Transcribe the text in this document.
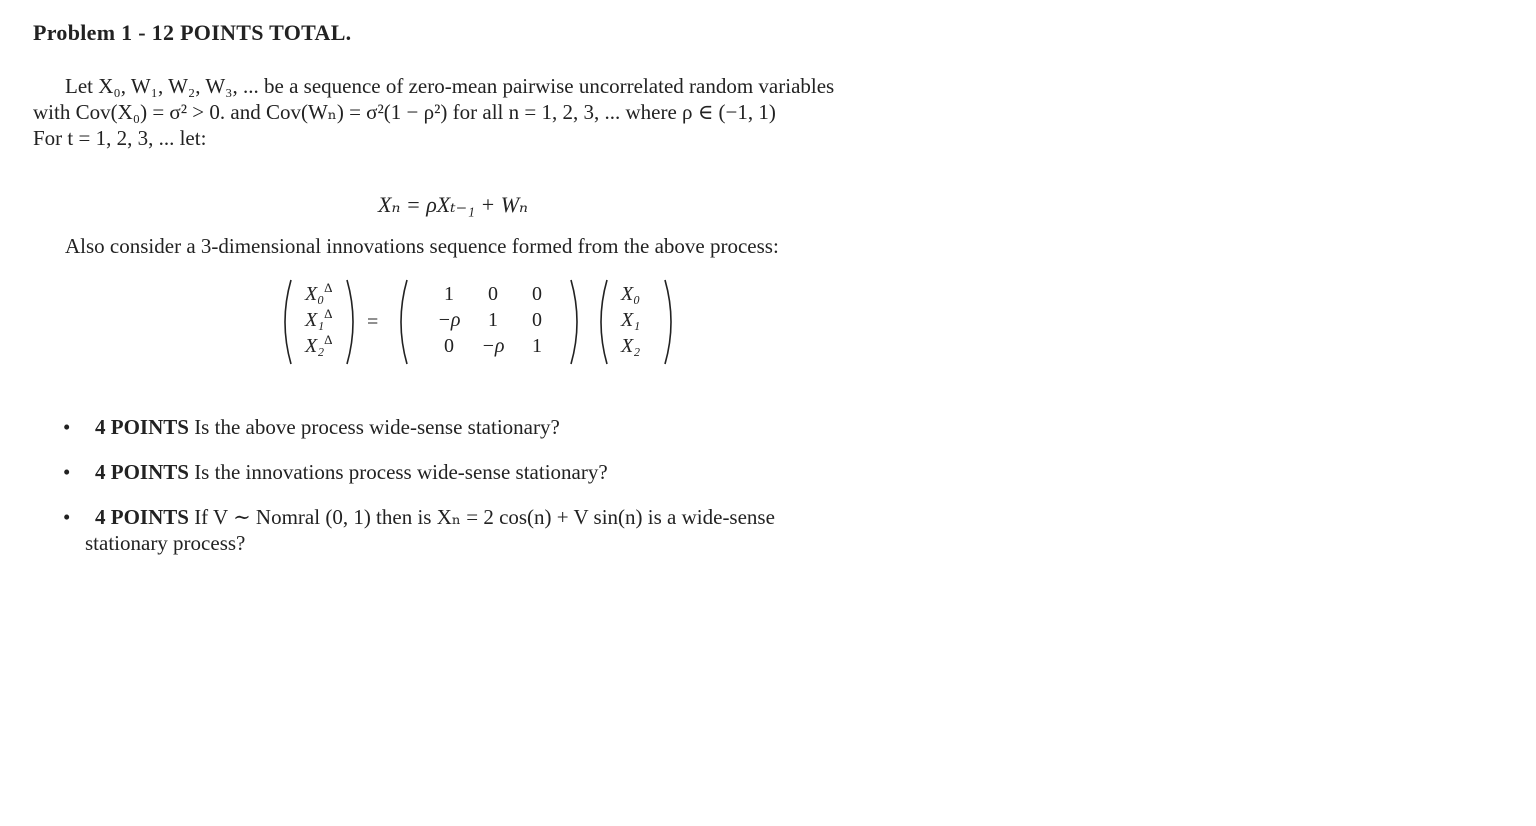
Problem 1 - 12 POINTS TOTAL.
Let X₀, W₁, W₂, W₃, ... be a sequence of zero-mean pairwise uncorrelated random variables
with Cov(X₀) = σ² > 0. and Cov(Wₙ) = σ²(1 − ρ²) for all n = 1, 2, 3, ... where ρ ∈ (−1, 1)
For t = 1, 2, 3, ... let:
Xₙ = ρXₜ₋₁ + Wₙ
Also consider a 3-dimensional innovations sequence formed from the above process:
X₀$^\Delta$
X₁$^\Delta$
X₂$^\Delta$
=
1 0 0
−ρ 1 0
0 −ρ 1
X₀
X₁
X₂
• 4 POINTS Is the above process wide-sense stationary?
• 4 POINTS Is the innovations process wide-sense stationary?
• 4 POINTS If V ∼ Nomral (0, 1) then is Xₙ = 2 cos(n) + V sin(n) is a wide-sense
stationary process?
